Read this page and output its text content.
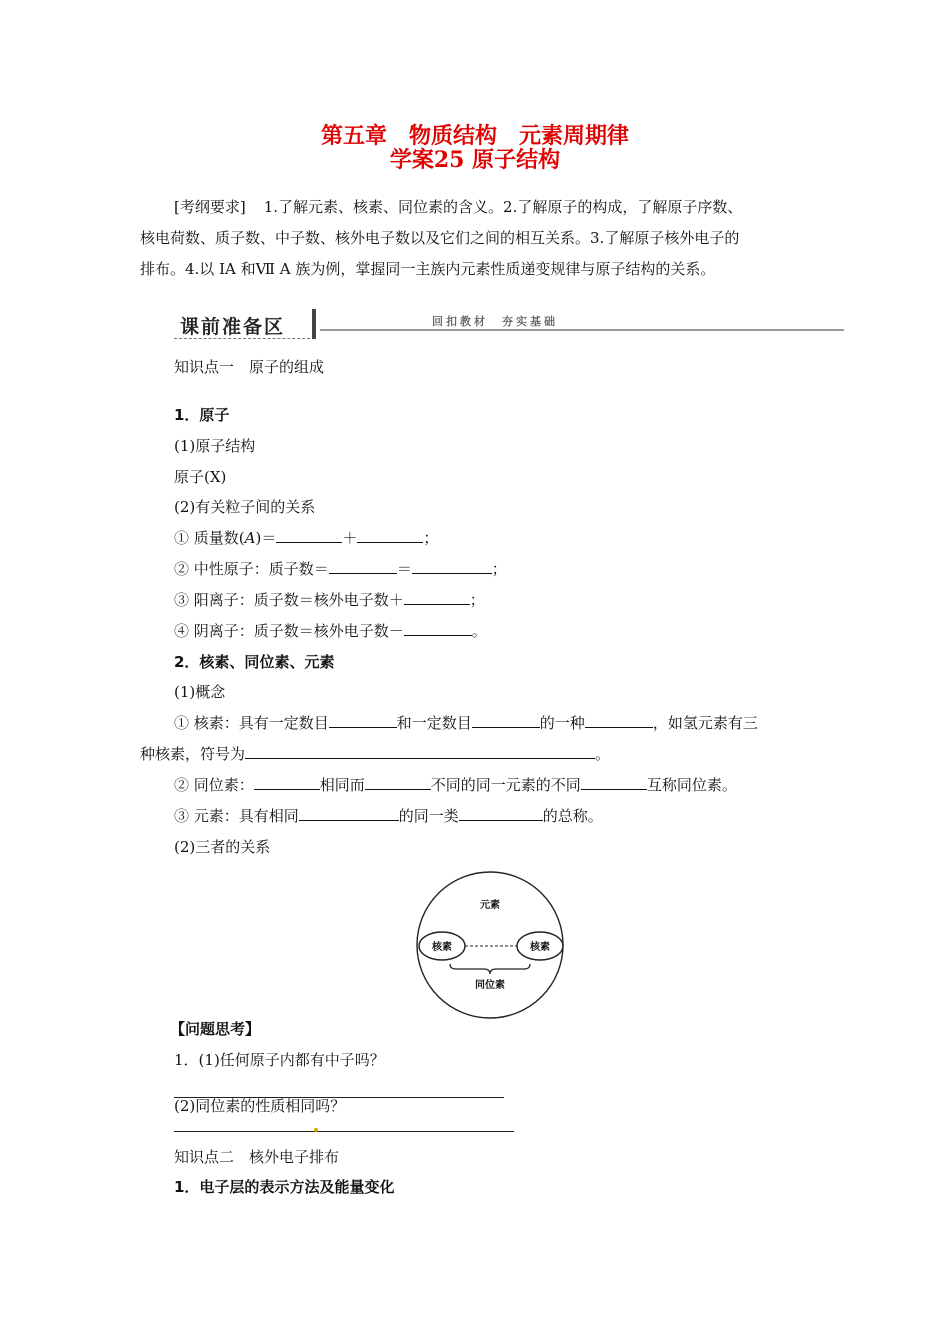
第五章　物质结构　元素周期律
学案25 原子结构
[考纲要求] 1.了解元素、核素、同位素的含义。2.了解原子的构成，了解原子序数、
核电荷数、质子数、中子数、核外电子数以及它们之间的相互关系。3.了解原子核外电子的
排布。4.以 IA 和Ⅶ A 族为例，掌握同一主族内元素性质递变规律与原子结构的关系。
课前准备区	回扣教材　夯实基础
知识点一　原子的组成
1．原子
(1)原子结构
原子(X)
(2)有关粒子间的关系
① 质量数(A)＝	＋	；
② 中性原子：质子数＝	＝	；
③ 阳离子：质子数＝核外电子数＋	；
④ 阴离子：质子数＝核外电子数－	。
2．核素、同位素、元素
(1)概念
① 核素：具有一定数目	和一定数目	的一种	，如氢元素有三
种核素，符号为	。
② 同位素：	相同而	不同的同一元素的不同	互称同位素。
③ 元素：具有相同	的同一类	的总称。
(2)三者的关系
元素
核素	核素
同位素
【问题思考】
1．(1)任何原子内都有中子吗？
(2)同位素的性质相同吗？
知识点二　核外电子排布
1．电子层的表示方法及能量变化
